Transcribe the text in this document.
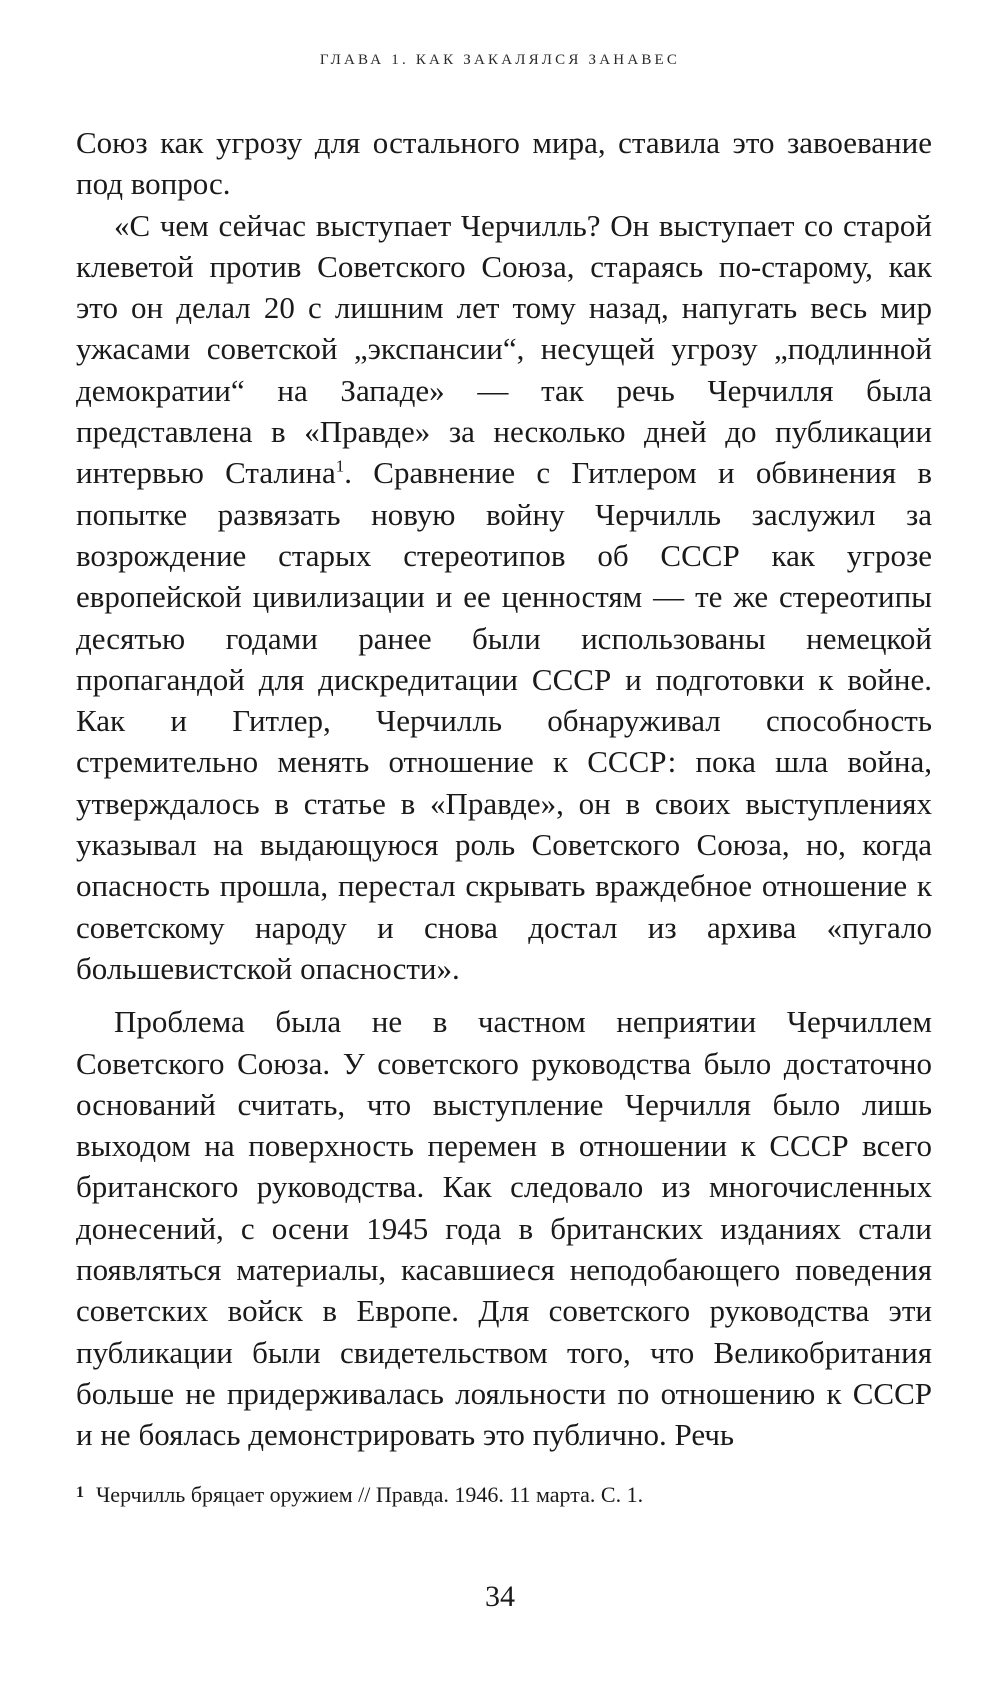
ГЛАВА 1. КАК ЗАКАЛЯЛСЯ ЗАНАВЕС

Союз как угрозу для остального мира, ставила это завоевание под вопрос.

«С чем сейчас выступает Черчилль? Он выступает со старой клеветой против Советского Союза, стараясь по-старому, как это он делал 20 с лишним лет тому назад, напугать весь мир ужасами советской „экспансии“, несущей угрозу „подлинной демократии“ на Западе» — так речь Черчилля была представлена в «Правде» за несколько дней до публикации интервью Сталина$^1$. Сравнение с Гитлером и обвинения в попытке развязать новую войну Черчилль заслужил за возрождение старых стереотипов об СССР как угрозе европейской цивилизации и ее ценностям — те же стереотипы десятью годами ранее были использованы немецкой пропагандой для дискредитации СССР и подготовки к войне. Как и Гитлер, Черчилль обнаруживал способность стремительно менять отношение к СССР: пока шла война, утверждалось в статье в «Правде», он в своих выступлениях указывал на выдающуюся роль Советского Союза, но, когда опасность прошла, перестал скрывать враждебное отношение к советскому народу и снова достал из архива «пугало большевистской опасности».

Проблема была не в частном неприятии Черчиллем Советского Союза. У советского руководства было достаточно оснований считать, что выступление Черчилля было лишь выходом на поверхность перемен в отношении к СССР всего британского руководства. Как следовало из многочисленных донесений, с осени 1945 года в британских изданиях стали появляться материалы, касавшиеся неподобающего поведения советских войск в Европе. Для советского руководства эти публикации были свидетельством того, что Великобритания больше не придерживалась лояльности по отношению к СССР и не боялась демонстрировать это публично. Речь

$^1$ Черчилль бряцает оружием // Правда. 1946. 11 марта. С. 1.
34
